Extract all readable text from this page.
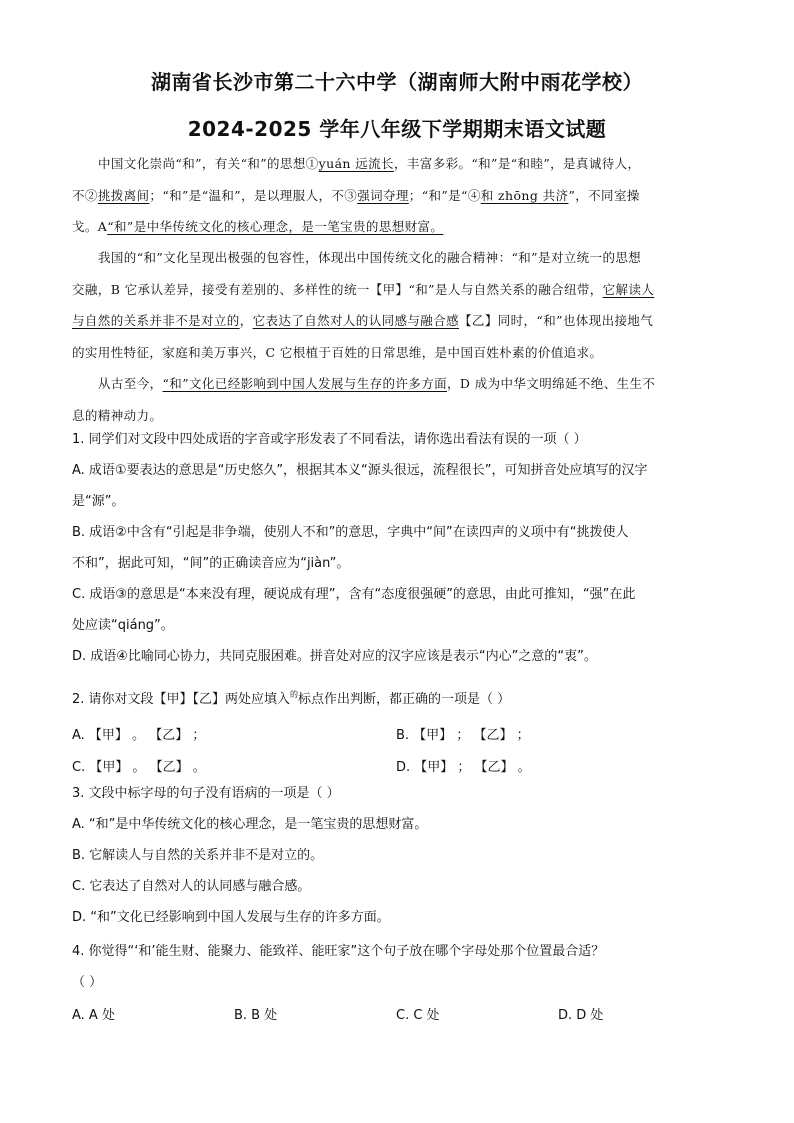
湖南省长沙市第二十六中学（湖南师大附中雨花学校）
2024-2025 学年八年级下学期期末语文试题
中国文化崇尚“和”，有关“和”的思想①yuán 远流长，丰富多彩。“和”是“和睦”，是真诚待人，
不②挑拨离间；“和”是“温和”，是以理服人，不③强词夺理；“和”是“④和 zhōng 共济”，不同室操
戈。A“和”是中华传统文化的核心理念，是一笔宝贵的思想财富。
我国的“和”文化呈现出极强的包容性，体现出中国传统文化的融合精神：“和”是对立统一的思想
交融，B 它承认差异，接受有差别的、多样性的统一【甲】“和”是人与自然关系的融合纽带，它解读人
与自然的关系并非不是对立的，它表达了自然对人的认同感与融合感【乙】同时，“和”也体现出接地气
的实用性特征，家庭和美万事兴，C 它根植于百姓的日常思维，是中国百姓朴素的价值追求。
从古至今，“和”文化已经影响到中国人发展与生存的许多方面，D 成为中华文明绵延不绝、生生不
息的精神动力。
1. 同学们对文段中四处成语的字音或字形发表了不同看法，请你选出看法有误的一项（ ）
A. 成语①要表达的意思是“历史悠久”，根据其本义“源头很远，流程很长”，可知拼音处应填写的汉字
是“源”。
B. 成语②中含有“引起是非争端，使别人不和”的意思，字典中“间”在读四声的义项中有“挑拨使人
不和”，据此可知，“间”的正确读音应为“jiàn”。
C. 成语③的意思是“本来没有理，硬说成有理”，含有“态度很强硬”的意思，由此可推知，“强”在此
处应读“qiáng”。
D. 成语④比喻同心协力，共同克服困难。拼音处对应的汉字应该是表示“内心”之意的“衷”。
2. 请你对文段【甲】【乙】两处应填入$^的$标点作出判断，都正确的一项是（ ）
A. 【甲】 。 【乙】 ；	B. 【甲】 ； 【乙】 ；
C. 【甲】 。 【乙】 。	D. 【甲】 ； 【乙】 。
3. 文段中标字母的句子没有语病的一项是（ ）
A. “和”是中华传统文化的核心理念，是一笔宝贵的思想财富。
B. 它解读人与自然的关系并非不是对立的。
C. 它表达了自然对人的认同感与融合感。
D. “和”文化已经影响到中国人发展与生存的许多方面。
4. 你觉得“‘和’能生财、能聚力、能致祥、能旺家”这个句子放在哪个字母处那个位置最合适？
（ ）
A. A 处	B. B 处	C. C 处	D. D 处
